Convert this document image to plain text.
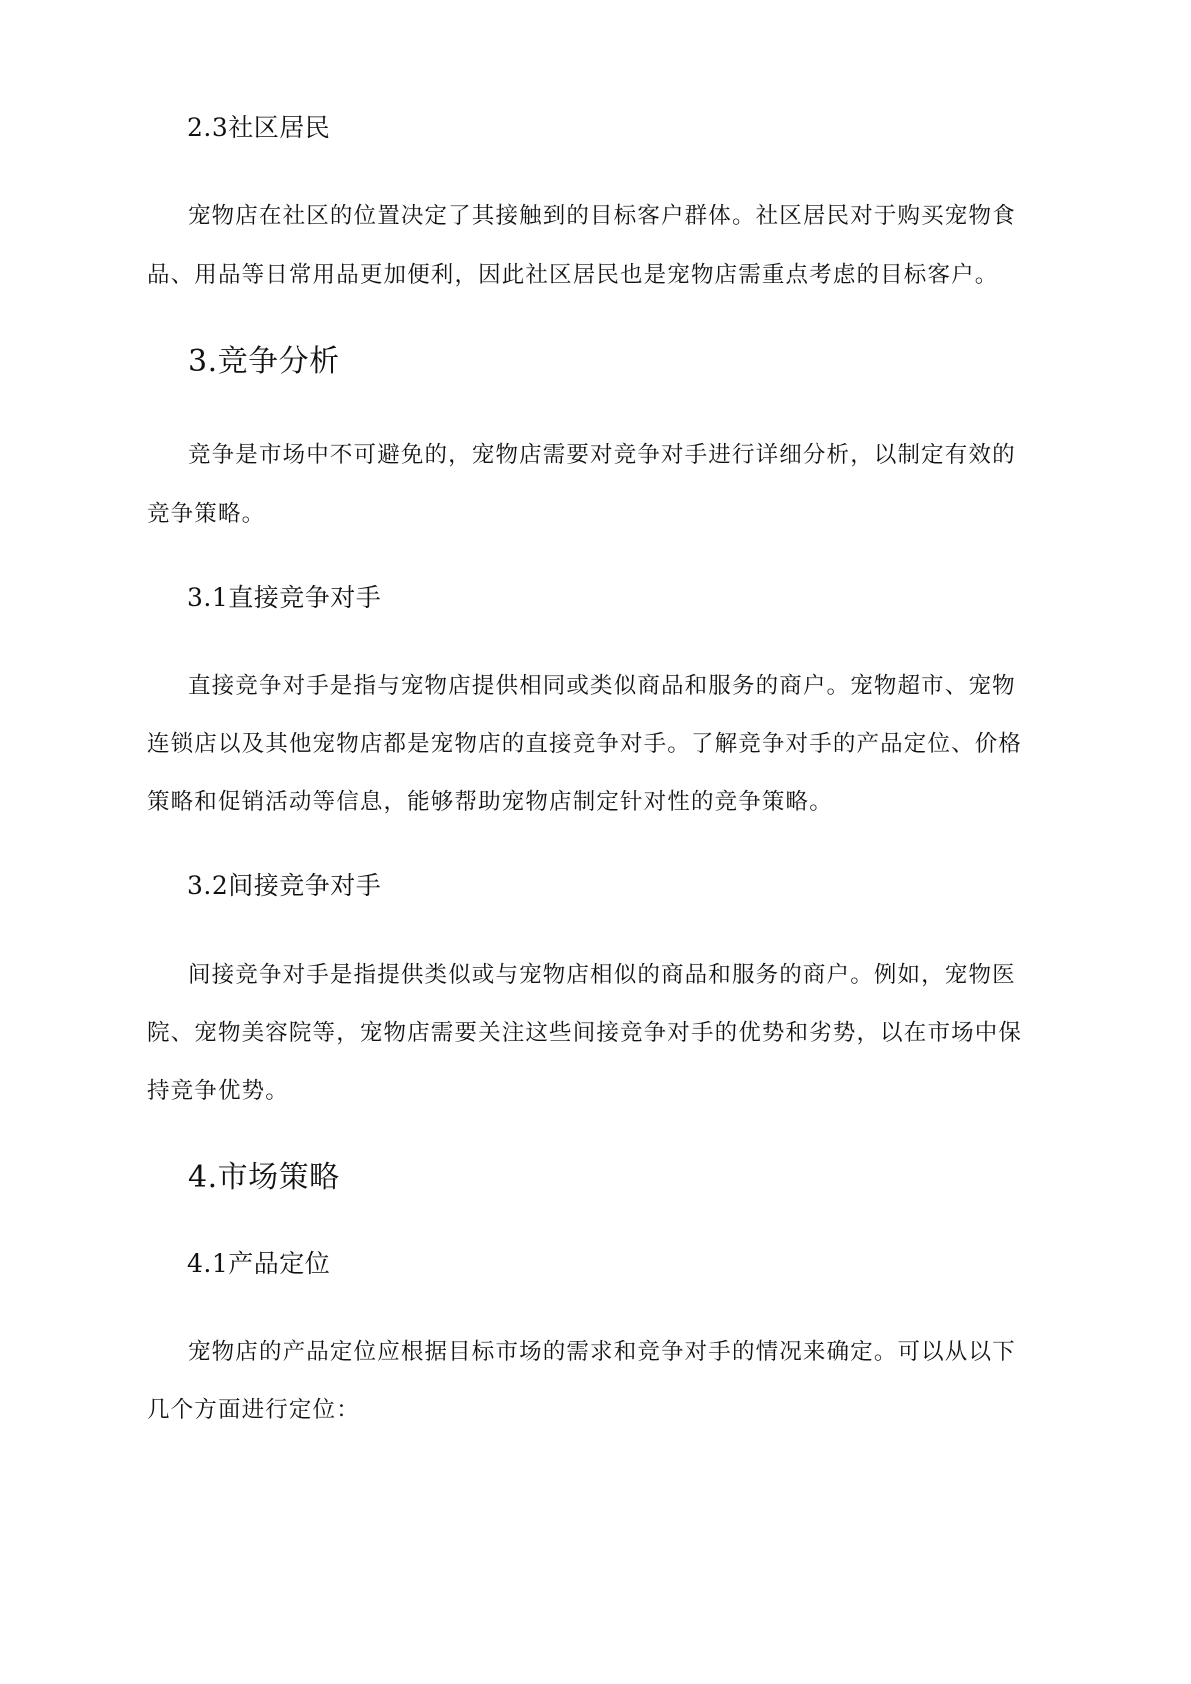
2.3社区居民

宠物店在社区的位置决定了其接触到的目标客户群体。社区居民对于购买宠物食

品、用品等日常用品更加便利，因此社区居民也是宠物店需重点考虑的目标客户。

3.竞争分析

竞争是市场中不可避免的，宠物店需要对竞争对手进行详细分析，以制定有效的

竞争策略。

3.1直接竞争对手

直接竞争对手是指与宠物店提供相同或类似商品和服务的商户。宠物超市、宠物

连锁店以及其他宠物店都是宠物店的直接竞争对手。了解竞争对手的产品定位、价格

策略和促销活动等信息，能够帮助宠物店制定针对性的竞争策略。

3.2间接竞争对手

间接竞争对手是指提供类似或与宠物店相似的商品和服务的商户。例如，宠物医

院、宠物美容院等，宠物店需要关注这些间接竞争对手的优势和劣势，以在市场中保

持竞争优势。

4.市场策略
4.1产品定位

宠物店的产品定位应根据目标市场的需求和竞争对手的情况来确定。可以从以下

几个方面进行定位：
